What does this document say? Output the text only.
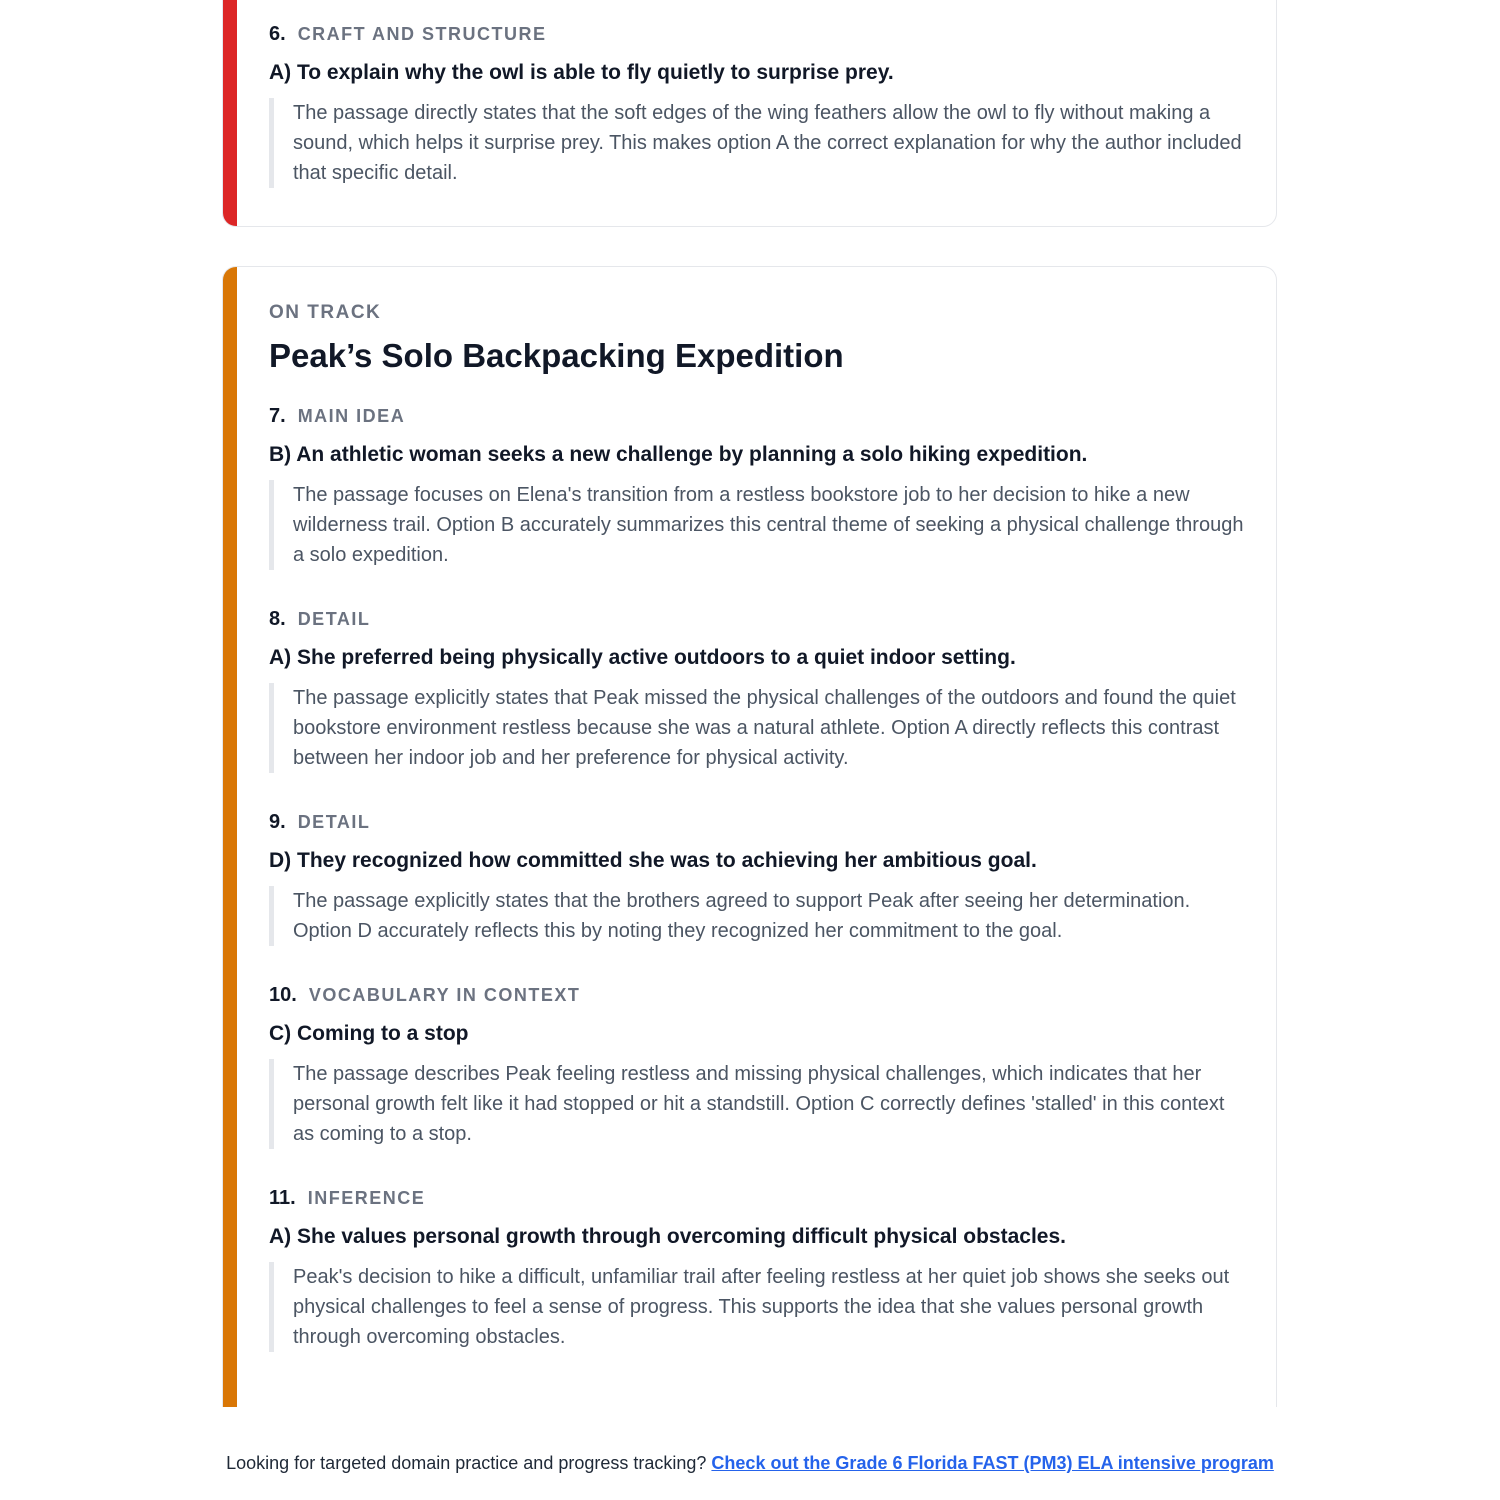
6. CRAFT AND STRUCTURE
A) To explain why the owl is able to fly quietly to surprise prey.
The passage directly states that the soft edges of the wing feathers allow the owl to fly without making a sound, which helps it surprise prey. This makes option A the correct explanation for why the author included that specific detail.
ON TRACK
Peak’s Solo Backpacking Expedition
7. MAIN IDEA
B) An athletic woman seeks a new challenge by planning a solo hiking expedition.
The passage focuses on Elena's transition from a restless bookstore job to her decision to hike a new wilderness trail. Option B accurately summarizes this central theme of seeking a physical challenge through a solo expedition.
8. DETAIL
A) She preferred being physically active outdoors to a quiet indoor setting.
The passage explicitly states that Peak missed the physical challenges of the outdoors and found the quiet bookstore environment restless because she was a natural athlete. Option A directly reflects this contrast between her indoor job and her preference for physical activity.
9. DETAIL
D) They recognized how committed she was to achieving her ambitious goal.
The passage explicitly states that the brothers agreed to support Peak after seeing her determination. Option D accurately reflects this by noting they recognized her commitment to the goal.
10. VOCABULARY IN CONTEXT
C) Coming to a stop
The passage describes Peak feeling restless and missing physical challenges, which indicates that her personal growth felt like it had stopped or hit a standstill. Option C correctly defines 'stalled' in this context as coming to a stop.
11. INFERENCE
A) She values personal growth through overcoming difficult physical obstacles.
Peak's decision to hike a difficult, unfamiliar trail after feeling restless at her quiet job shows she seeks out physical challenges to feel a sense of progress. This supports the idea that she values personal growth through overcoming obstacles.
Looking for targeted domain practice and progress tracking? Check out the Grade 6 Florida FAST (PM3) ELA intensive program
